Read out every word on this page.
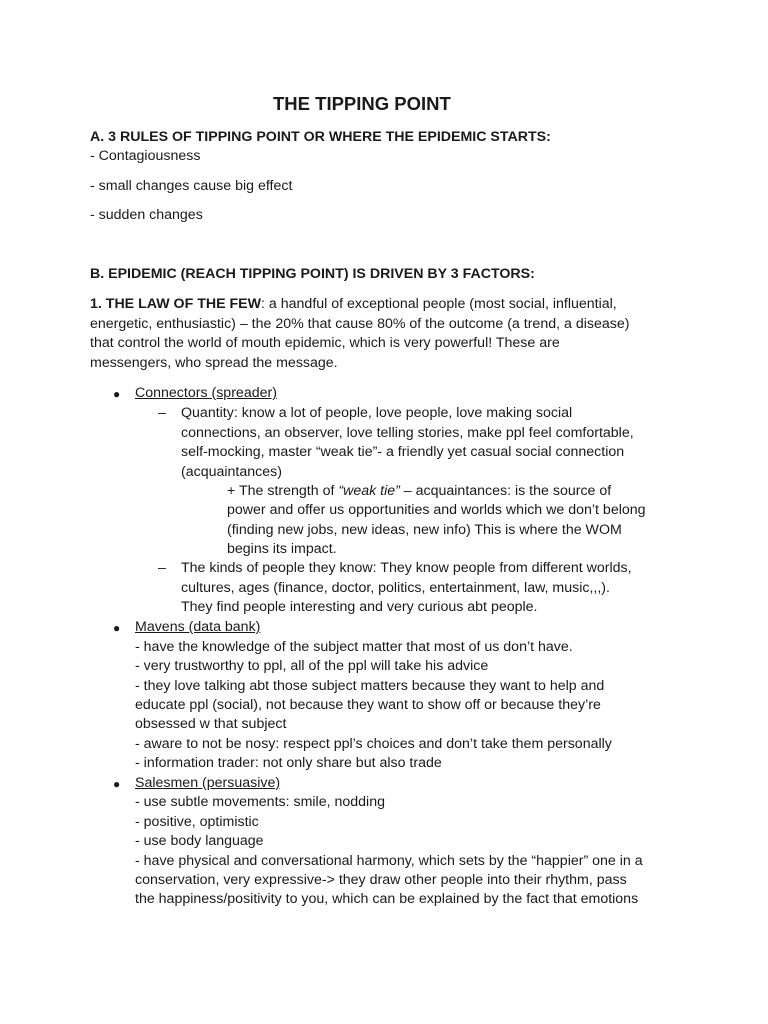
THE TIPPING POINT
A. 3 RULES OF TIPPING POINT OR WHERE THE EPIDEMIC STARTS:
- Contagiousness
- small changes cause big effect
- sudden changes
B. EPIDEMIC (REACH TIPPING POINT) IS DRIVEN BY 3 FACTORS:
1. THE LAW OF THE FEW: a handful of exceptional people (most social, influential,
energetic, enthusiastic) – the 20% that cause 80% of the outcome (a trend, a disease)
that control the world of mouth epidemic, which is very powerful! These are
messengers, who spread the message.
● Connectors (spreader)
– Quantity: know a lot of people, love people, love making social
connections, an observer, love telling stories, make ppl feel comfortable,
self-mocking, master “weak tie”- a friendly yet casual social connection
(acquaintances)
+ The strength of “weak tie” – acquaintances: is the source of
power and offer us opportunities and worlds which we don’t belong
(finding new jobs, new ideas, new info) This is where the WOM
begins its impact.
– The kinds of people they know: They know people from different worlds,
cultures, ages (finance, doctor, politics, entertainment, law, music,,,).
They find people interesting and very curious abt people.
● Mavens (data bank)
- have the knowledge of the subject matter that most of us don’t have.
- very trustworthy to ppl, all of the ppl will take his advice
- they love talking abt those subject matters because they want to help and
educate ppl (social), not because they want to show off or because they’re
obsessed w that subject
- aware to not be nosy: respect ppl’s choices and don’t take them personally
- information trader: not only share but also trade
● Salesmen (persuasive)
- use subtle movements: smile, nodding
- positive, optimistic
- use body language
- have physical and conversational harmony, which sets by the “happier” one in a
conservation, very expressive-> they draw other people into their rhythm, pass
the happiness/positivity to you, which can be explained by the fact that emotions
